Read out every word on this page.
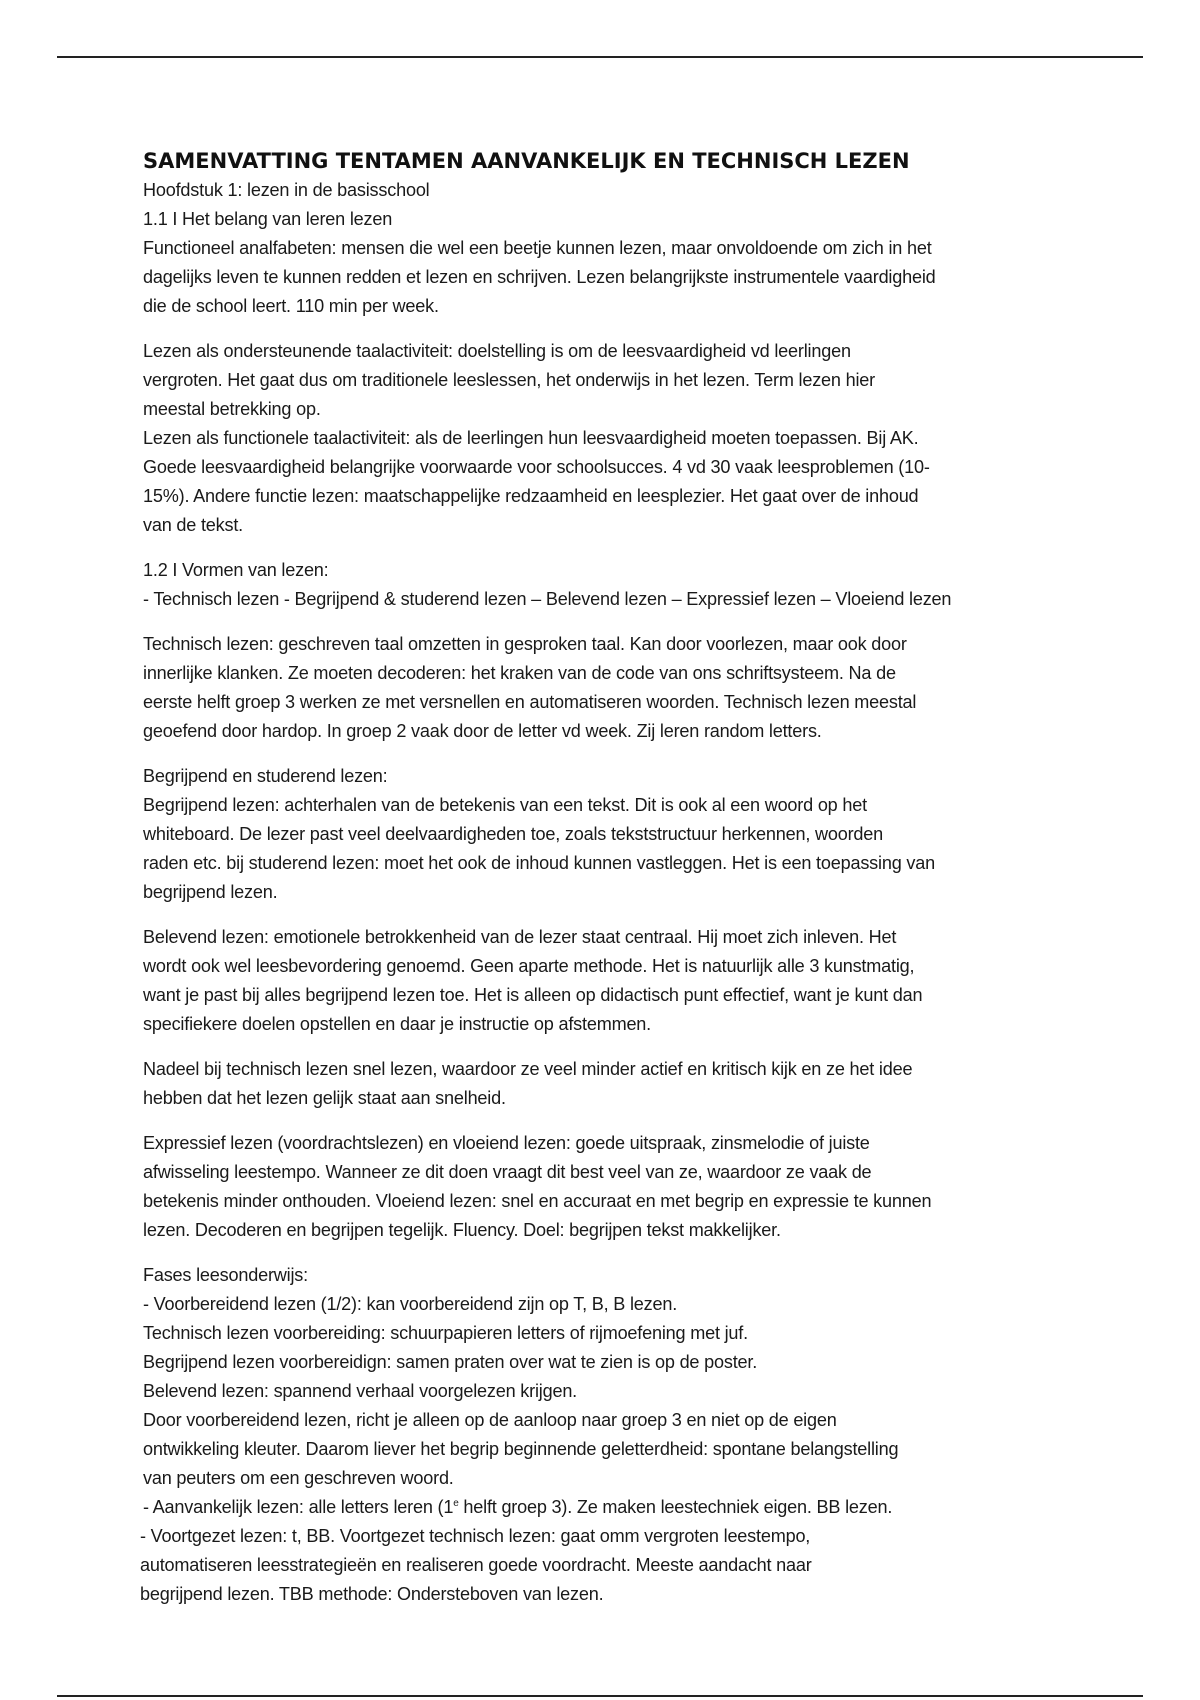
SAMENVATTING TENTAMEN AANVANKELIJK EN TECHNISCH LEZEN
Hoofdstuk 1: lezen in de basisschool
1.1 I Het belang van leren lezen
Functioneel analfabeten: mensen die wel een beetje kunnen lezen, maar onvoldoende om zich in het
dagelijks leven te kunnen redden et lezen en schrijven. Lezen belangrijkste instrumentele vaardigheid
die de school leert. 110 min per week.
Lezen als ondersteunende taalactiviteit: doelstelling is om de leesvaardigheid vd leerlingen
vergroten. Het gaat dus om traditionele leeslessen, het onderwijs in het lezen. Term lezen hier
meestal betrekking op.
Lezen als functionele taalactiviteit: als de leerlingen hun leesvaardigheid moeten toepassen. Bij AK.
Goede leesvaardigheid belangrijke voorwaarde voor schoolsucces. 4 vd 30 vaak leesproblemen (10-
15%). Andere functie lezen: maatschappelijke redzaamheid en leesplezier. Het gaat over de inhoud
van de tekst.
1.2 I Vormen van lezen:
- Technisch lezen - Begrijpend & studerend lezen – Belevend lezen – Expressief lezen – Vloeiend lezen
Technisch lezen: geschreven taal omzetten in gesproken taal. Kan door voorlezen, maar ook door
innerlijke klanken. Ze moeten decoderen: het kraken van de code van ons schriftsysteem. Na de
eerste helft groep 3 werken ze met versnellen en automatiseren woorden. Technisch lezen meestal
geoefend door hardop. In groep 2 vaak door de letter vd week. Zij leren random letters.
Begrijpend en studerend lezen:
Begrijpend lezen: achterhalen van de betekenis van een tekst. Dit is ook al een woord op het
whiteboard. De lezer past veel deelvaardigheden toe, zoals tekststructuur herkennen, woorden
raden etc. bij studerend lezen: moet het ook de inhoud kunnen vastleggen. Het is een toepassing van
begrijpend lezen.
Belevend lezen: emotionele betrokkenheid van de lezer staat centraal. Hij moet zich inleven. Het
wordt ook wel leesbevordering genoemd. Geen aparte methode. Het is natuurlijk alle 3 kunstmatig,
want je past bij alles begrijpend lezen toe. Het is alleen op didactisch punt effectief, want je kunt dan
specifiekere doelen opstellen en daar je instructie op afstemmen.
Nadeel bij technisch lezen snel lezen, waardoor ze veel minder actief en kritisch kijk en ze het idee
hebben dat het lezen gelijk staat aan snelheid.
Expressief lezen (voordrachtslezen) en vloeiend lezen: goede uitspraak, zinsmelodie of juiste
afwisseling leestempo. Wanneer ze dit doen vraagt dit best veel van ze, waardoor ze vaak de
betekenis minder onthouden. Vloeiend lezen: snel en accuraat en met begrip en expressie te kunnen
lezen. Decoderen en begrijpen tegelijk. Fluency. Doel: begrijpen tekst makkelijker.
Fases leesonderwijs:
- Voorbereidend lezen (1/2): kan voorbereidend zijn op T, B, B lezen.
Technisch lezen voorbereiding: schuurpapieren letters of rijmoefening met juf.
Begrijpend lezen voorbereidign: samen praten over wat te zien is op de poster.
Belevend lezen: spannend verhaal voorgelezen krijgen.
Door voorbereidend lezen, richt je alleen op de aanloop naar groep 3 en niet op de eigen
ontwikkeling kleuter. Daarom liever het begrip beginnende geletterdheid: spontane belangstelling
van peuters om een geschreven woord.
- Aanvankelijk lezen: alle letters leren (1e helft groep 3). Ze maken leestechniek eigen. BB lezen.
- Voortgezet lezen: t, BB. Voortgezet technisch lezen: gaat omm vergroten leestempo,
automatiseren leesstrategieën en realiseren goede voordracht. Meeste aandacht naar
begrijpend lezen. TBB methode: Ondersteboven van lezen.
